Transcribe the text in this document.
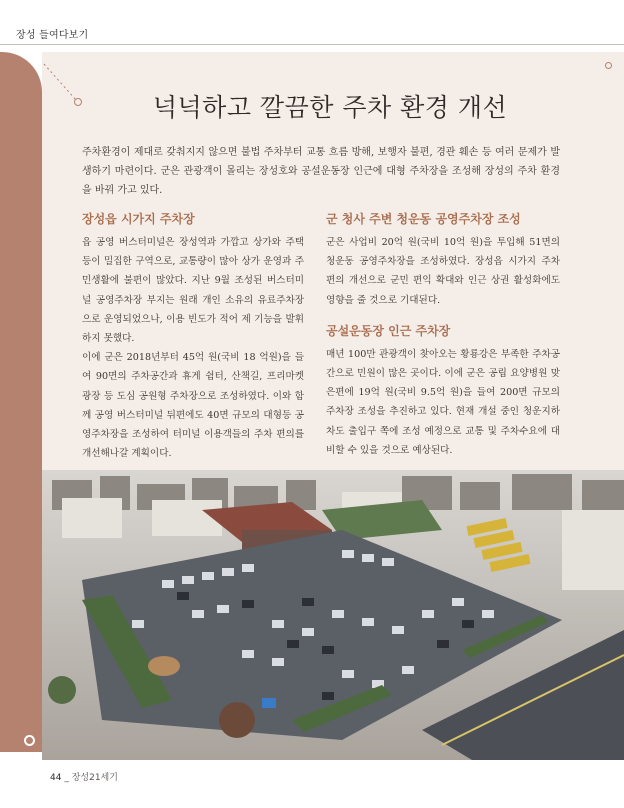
장성 들여다보기
넉넉하고 깔끔한 주차 환경 개선

주차환경이 제대로 갖춰지지 않으면 불법 주차부터 교통 흐름 방해, 보행자 불편, 경관 훼손 등 여러 문제가 발생하기 마련이다. 군은 관광객이 몰리는 장성호와 공설운동장 인근에 대형 주차장을 조성해 장성의 주차 환경을 바꿔 가고 있다.

장성읍 시가지 주차장

읍 공영 버스터미널은 장성역과 가깝고 상가와 주택 등이 밀집한 구역으로, 교통량이 많아 상가 운영과 주민생활에 불편이 많았다. 지난 9월 조성된 버스터미널 공영주차장 부지는 원래 개인 소유의 유료주차장으로 운영되었으나, 이용 빈도가 적어 제 기능을 발휘하지 못했다.

이에 군은 2018년부터 45억 원(국비 18 억원)을 들여 90면의 주차공간과 휴게 쉼터, 산책길, 프리마켓 광장 등 도심 공원형 주차장으로 조성하였다. 이와 함께 공영 버스터미널 뒤편에도 40면 규모의 대형등 공영주차장을 조성하여 터미널 이용객들의 주차 편의를 개선해나갈 계획이다.

군 청사 주변 청운동 공영주차장 조성

군은 사업비 20억 원(국비 10억 원)을 투입해 51면의 청운동 공영주차장을 조성하였다. 장성읍 시가지 주차 편의 개선으로 군민 편익 확대와 인근 상권 활성화에도 영향을 줄 것으로 기대된다.

공설운동장 인근 주차장

매년 100만 관광객이 찾아오는 황룡강은 부족한 주차공간으로 민원이 많은 곳이다. 이에 군은 공립 요양병원 맞은편에 19억 원(국비 9.5억 원)을 들여 200면 규모의 주차장 조성을 추진하고 있다. 현재 개설 중인 청운지하차도 출입구 쪽에 조성 예정으로 교통 및 주차수요에 대비할 수 있을 것으로 예상된다.

44 _ 장성21세기
